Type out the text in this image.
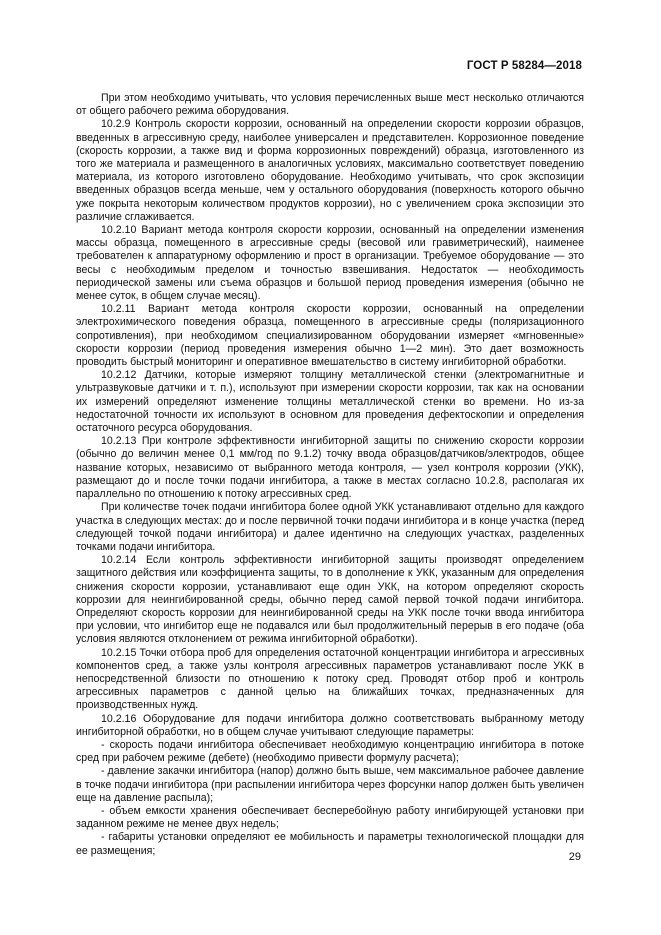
ГОСТ Р 58284—2018

При этом необходимо учитывать, что условия перечисленных выше мест несколько отличаются от общего рабочего режима оборудования.

10.2.9 Контроль скорости коррозии, основанный на определении скорости коррозии образцов, введенных в агрессивную среду, наиболее универсален и представителен. Коррозионное поведение (скорость коррозии, а также вид и форма коррозионных повреждений) образца, изготовленного из того же материала и размещенного в аналогичных условиях, максимально соответствует поведению материала, из которого изготовлено оборудование. Необходимо учитывать, что срок экспозиции введенных образцов всегда меньше, чем у остального оборудования (поверхность которого обычно уже покрыта некоторым количеством продуктов коррозии), но с увеличением срока экспозиции это различие сглаживается.

10.2.10 Вариант метода контроля скорости коррозии, основанный на определении изменения массы образца, помещенного в агрессивные среды (весовой или гравиметрический), наименее требователен к аппаратурному оформлению и прост в организации. Требуемое оборудование — это весы с необходимым пределом и точностью взвешивания. Недостаток — необходимость периодической замены или съема образцов и большой период проведения измерения (обычно не менее суток, в общем случае месяц).

10.2.11 Вариант метода контроля скорости коррозии, основанный на определении электрохимического поведения образца, помещенного в агрессивные среды (поляризационного сопротивления), при необходимом специализированном оборудовании измеряет «мгновенные» скорости коррозии (период проведения измерения обычно 1—2 мин). Это дает возможность проводить быстрый мониторинг и оперативное вмешательство в систему ингибиторной обработки.

10.2.12 Датчики, которые измеряют толщину металлической стенки (электромагнитные и ультразвуковые датчики и т. п.), используют при измерении скорости коррозии, так как на основании их измерений определяют изменение толщины металлической стенки во времени. Но из-за недостаточной точности их используют в основном для проведения дефектоскопии и определения остаточного ресурса оборудования.

10.2.13 При контроле эффективности ингибиторной защиты по снижению скорости коррозии (обычно до величин менее 0,1 мм/год по 9.1.2) точку ввода образцов/датчиков/электродов, общее название которых, независимо от выбранного метода контроля, — узел контроля коррозии (УКК), размещают до и после точки подачи ингибитора, а также в местах согласно 10.2.8, располагая их параллельно по отношению к потоку агрессивных сред.

При количестве точек подачи ингибитора более одной УКК устанавливают отдельно для каждого участка в следующих местах: до и после первичной точки подачи ингибитора и в конце участка (перед следующей точкой подачи ингибитора) и далее идентично на следующих участках, разделенных точками подачи ингибитора.

10.2.14 Если контроль эффективности ингибиторной защиты производят определением защитного действия или коэффициента защиты, то в дополнение к УКК, указанным для определения снижения скорости коррозии, устанавливают еще один УКК, на котором определяют скорость коррозии для неингибированной среды, обычно перед самой первой точкой подачи ингибитора. Определяют скорость коррозии для неингибированной среды на УКК после точки ввода ингибитора при условии, что ингибитор еще не подавался или был продолжительный перерыв в его подаче (оба условия являются отклонением от режима ингибиторной обработки).

10.2.15 Точки отбора проб для определения остаточной концентрации ингибитора и агрессивных компонентов сред, а также узлы контроля агрессивных параметров устанавливают после УКК в непосредственной близости по отношению к потоку сред. Проводят отбор проб и контроль агрессивных параметров с данной целью на ближайших точках, предназначенных для производственных нужд.

10.2.16 Оборудование для подачи ингибитора должно соответствовать выбранному методу ингибиторной обработки, но в общем случае учитывают следующие параметры:

- скорость подачи ингибитора обеспечивает необходимую концентрацию ингибитора в потоке сред при рабочем режиме (дебете) (необходимо привести формулу расчета);

- давление закачки ингибитора (напор) должно быть выше, чем максимальное рабочее давление в точке подачи ингибитора (при распылении ингибитора через форсунки напор должен быть увеличен еще на давление распыла);

- объем емкости хранения обеспечивает бесперебойную работу ингибирующей установки при заданном режиме не менее двух недель;

- габариты установки определяют ее мобильность и параметры технологической площадки для ее размещения;

29
